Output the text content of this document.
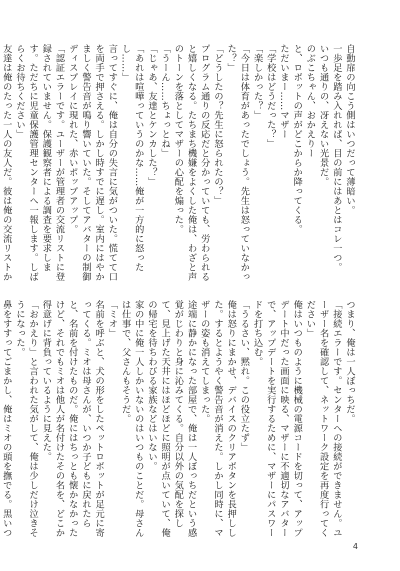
自動扉の向こう側はいつだって薄暗い。

一歩足を踏み入れれば、目の前にはあとはコレ一つ。

いつも通りの、冴えない光景だ。

のぶこちゃん、おかえりー

と、ロボットの声がどこからか降ってくる。

ただいまー……マザー

「学校はどうだった？」

「楽しかった？」

「今日は体育があったでしょう。先生は怒っていなかった？」

「どうしたの？先生に怒られたの？」

プログラム通りの反応だと分かっていても、労わられると嬉しくなる。たちまち機嫌をよくした俺は、わざと声のトーンを落としてマザーの心配を煽った。

「うーん……ちょっとね」

「じゃあ、友達とケンカした？」

「あれは喧嘩っていうのかな……俺が一方的に怒ったし……」

言ってすぐに、俺は自分の失言に気がついた。慌てて口を両手で押さえる。しかし時すでに遅し。室内にはやかましく警告音が鳴り響いていた。そしてアバターの制御ディスプレイに現れた、赤いポップアップ。

「認証エラーです。ユーザーが管理者の交流リストに登録されていません。保護観察者による調査を要求します。ただちに児童保護管理センターへ一報します。しばらくお待ちください」

友達は俺のたった一人の友人だ。彼は俺の交流リストか

つまり、俺は一人ぼっちだ。

「接続エラーです。センターへの接続ができません。ユーザー名を確認して、ネットワーク設定を再度行ってください」

俺はいつものように機械の電源コードを切って、アップデート中だった画面に映る、マザーに不適切なアバターで、アップデートを実行するために、マザーにパスワードを打ち込む。

「うるさい、黙れ。この役立たず」

俺は怒りにまかせ、デバイスのクリアボタンを長押しした。するとようやく警告音が消えた。しかし同時に、マザーの姿も消えてしまった。

途端に静かになった部屋で、俺は一人ぼっちだという感覚がじわりと身に沁みてくる。自分以外の気配を探して、見上げた天井にはほどほどに照明が点いていて、俺の帰宅を待ちわびる家族などはいない。

家の中に俺一人しかいないのはいつものことだ。母さんは仕事で、父さんもそうだ。

「ミオ」

名前を呼ぶと、犬の形をしたペットロボットが足元に寄ってくる。ミオは母さんが、いつか子どもに戻れたらと、名前を付けたものだ。俺にはちっとも懐かなかったけど、それでもミオは他人が名付けたその名を、どこか得意げに背負っているように見えた。

「おかえり」と言われた気がして、俺は少しだけ泣きそうになった。

鼻をすすってごまかし、俺はミオの頭を撫でる。黒いつ

4
